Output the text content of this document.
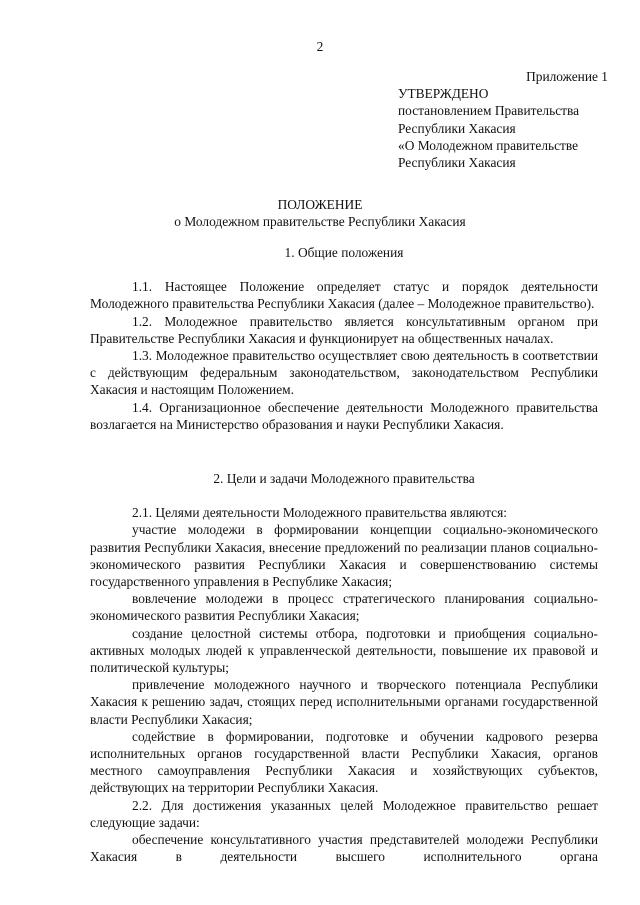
2
Приложение 1
УТВЕРЖДЕНО
постановлением Правительства
Республики Хакасия
«О Молодежном правительстве
Республики Хакасия
ПОЛОЖЕНИЕ
о Молодежном правительстве Республики Хакасия
1. Общие положения

1.1. Настоящее Положение определяет статус и порядок деятельности Молодежного правительства Республики Хакасия (далее – Молодежное правительство).

1.2. Молодежное правительство является консультативным органом при Правительстве Республики Хакасия и функционирует на общественных началах.

1.3. Молодежное правительство осуществляет свою деятельность в соответствии с действующим федеральным законодательством, законодательством Республики Хакасия и настоящим Положением.

1.4. Организационное обеспечение деятельности Молодежного правительства возлагается на Министерство образования и науки Республики Хакасия.

2. Цели и задачи Молодежного правительства

2.1. Целями деятельности Молодежного правительства являются:

участие молодежи в формировании концепции социально-экономического развития Республики Хакасия, внесение предложений по реализации планов социально-экономического развития Республики Хакасия и совершенствованию системы государственного управления в Республике Хакасия;

вовлечение молодежи в процесс стратегического планирования социально-экономического развития Республики Хакасия;

создание целостной системы отбора, подготовки и приобщения социально-активных молодых людей к управленческой деятельности, повышение их правовой и политической культуры;

привлечение молодежного научного и творческого потенциала Республики Хакасия к решению задач, стоящих перед исполнительными органами государственной власти Республики Хакасия;

содействие в формировании, подготовке и обучении кадрового резерва исполнительных органов государственной власти Республики Хакасия, органов местного самоуправления Республики Хакасия и хозяйствующих субъектов, действующих на территории Республики Хакасия.

2.2. Для достижения указанных целей Молодежное правительство решает следующие задачи:

обеспечение консультативного участия представителей молодежи Республики Хакасия в деятельности высшего исполнительного органа
